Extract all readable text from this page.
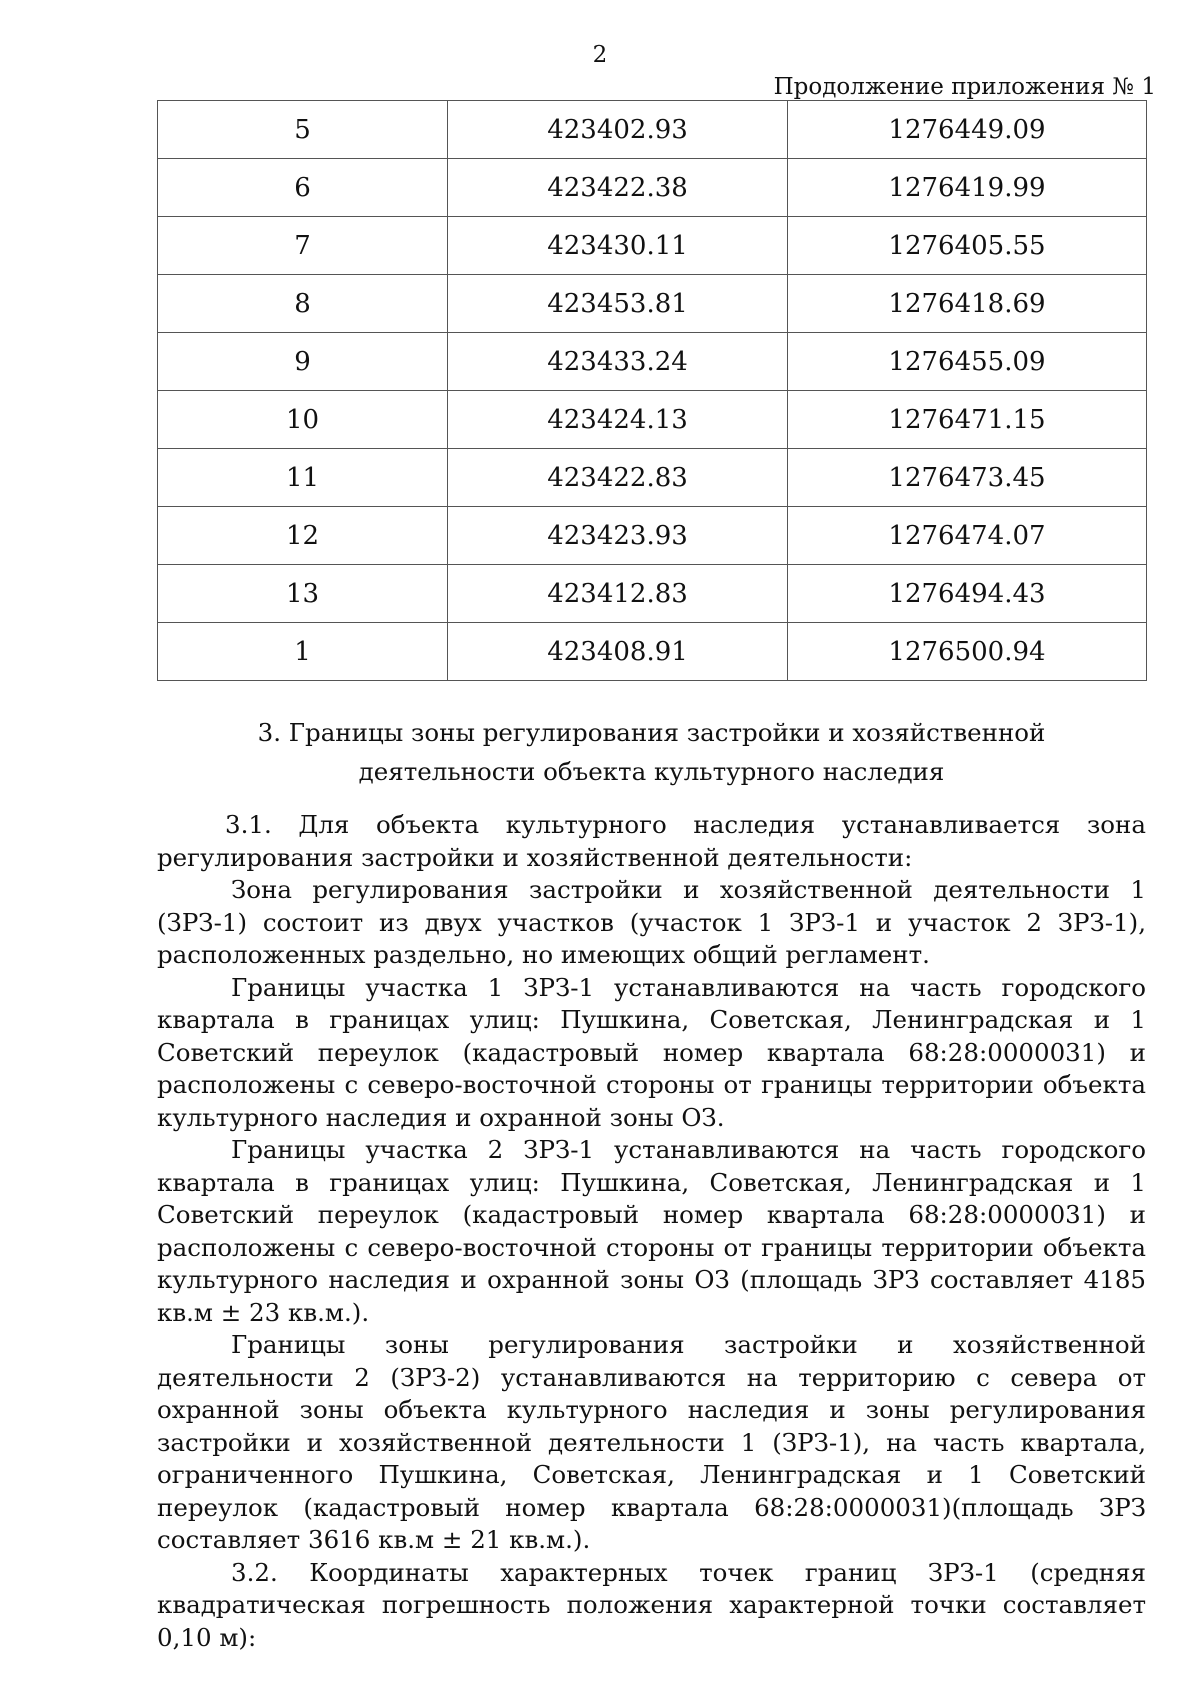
2
Продолжение приложения № 1
5	423402.93	1276449.09
6	423422.38	1276419.99
7	423430.11	1276405.55
8	423453.81	1276418.69
9	423433.24	1276455.09
10	423424.13	1276471.15
11	423422.83	1276473.45
12	423423.93	1276474.07
13	423412.83	1276494.43
1	423408.91	1276500.94
3. Границы зоны регулирования застройки и хозяйственной
деятельности объекта культурного наследия

3.1. Для объекта культурного наследия устанавливается зона регулирования застройки и хозяйственной деятельности:

Зона регулирования застройки и хозяйственной деятельности 1 (ЗРЗ-1) состоит из двух участков (участок 1 ЗРЗ-1 и участок 2 ЗРЗ-1), расположенных раздельно, но имеющих общий регламент.

Границы участка 1 ЗРЗ-1 устанавливаются на часть городского квартала в границах улиц: Пушкина, Советская, Ленинградская и 1 Советский переулок (кадастровый номер квартала 68:28:0000031) и расположены с северо-восточной стороны от границы территории объекта культурного наследия и охранной зоны ОЗ.

Границы участка 2 ЗРЗ-1 устанавливаются на часть городского квартала в границах улиц: Пушкина, Советская, Ленинградская и 1 Советский переулок (кадастровый номер квартала 68:28:0000031) и расположены с северо-восточной стороны от границы территории объекта культурного наследия и охранной зоны ОЗ (площадь ЗРЗ составляет 4185 кв.м ± 23 кв.м.).

Границы зоны регулирования застройки и хозяйственной деятельности 2 (ЗРЗ-2) устанавливаются на территорию с севера от охранной зоны объекта культурного наследия и зоны регулирования застройки и хозяйственной деятельности 1 (ЗРЗ-1), на часть квартала, ограниченного Пушкина, Советская, Ленинградская и 1 Советский переулок (кадастровый номер квартала 68:28:0000031)(площадь ЗРЗ составляет 3616 кв.м ± 21 кв.м.).

3.2. Координаты характерных точек границ ЗРЗ-1 (средняя квадратическая погрешность положения характерной точки составляет 0,10 м):
